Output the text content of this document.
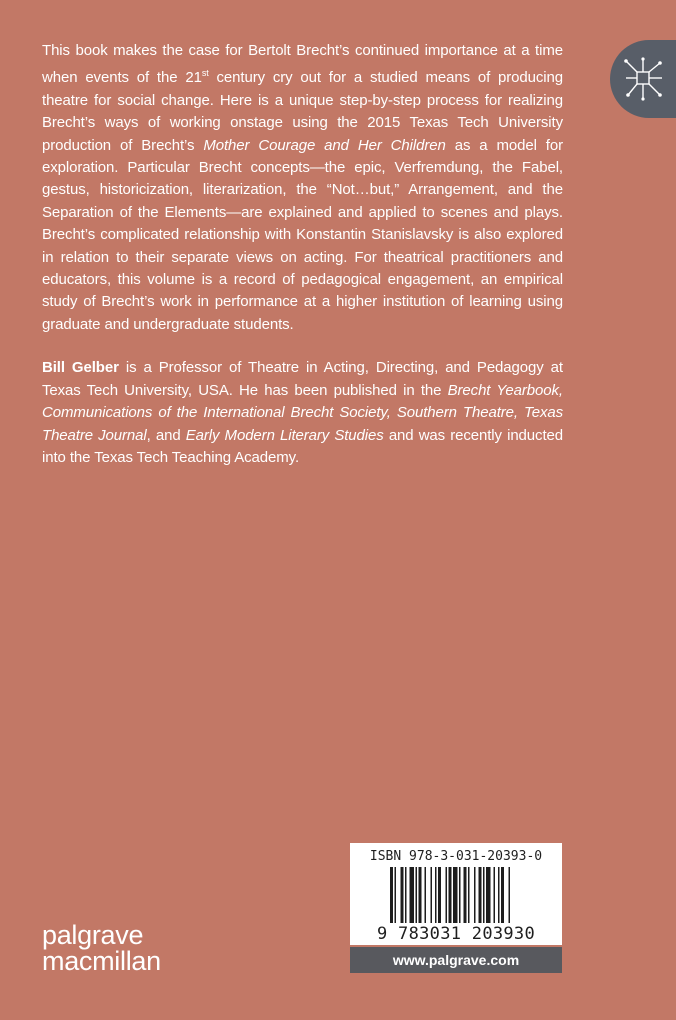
This book makes the case for Bertolt Brecht’s continued importance at a time when events of the 21st century cry out for a studied means of producing theatre for social change. Here is a unique step-by-step process for realizing Brecht’s ways of working onstage using the 2015 Texas Tech University production of Brecht’s Mother Courage and Her Children as a model for exploration. Particular Brecht concepts—the epic, Verfremdung, the Fabel, gestus, historicization, literarization, the “Not…but,” Arrangement, and the Separation of the Elements—are explained and applied to scenes and plays. Brecht’s complicated relationship with Konstantin Stanislavsky is also explored in relation to their separate views on acting. For theatrical practitioners and educators, this volume is a record of pedagogical engagement, an empirical study of Brecht’s work in performance at a higher institution of learning using graduate and undergraduate students.

Bill Gelber is a Professor of Theatre in Acting, Directing, and Pedagogy at Texas Tech University, USA. He has been published in the Brecht Yearbook, Communications of the International Brecht Society, Southern Theatre, Texas Theatre Journal, and Early Modern Literary Studies and was recently inducted into the Texas Tech Teaching Academy.

ISBN 978-3-031-20393-0
9 783031 203930
www.palgrave.com
palgrave
macmillan
